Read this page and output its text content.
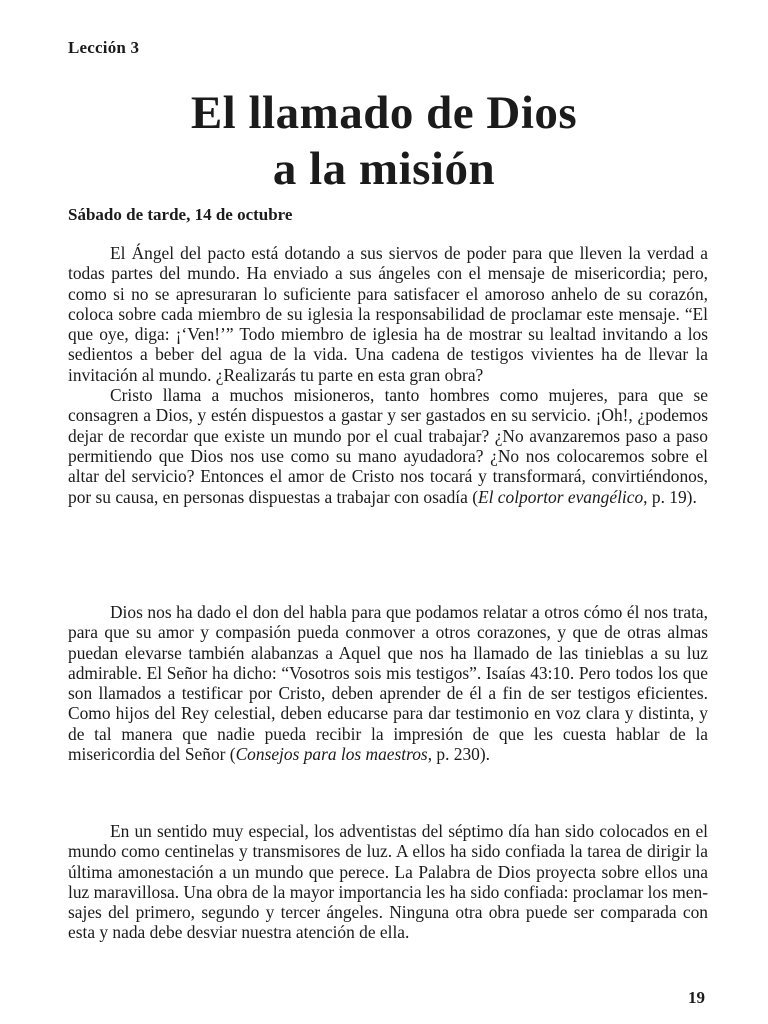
Lección 3
El llamado de Dios
a la misión
Sábado de tarde, 14 de octubre

El Ángel del pacto está dotando a sus siervos de poder para que lleven la verdad a todas partes del mundo. Ha enviado a sus ángeles con el mensaje de misericordia; pero, como si no se apresuraran lo suficiente para satisfacer el amoroso anhelo de su corazón, coloca sobre cada miembro de su iglesia la responsabilidad de proclamar este mensaje. “El que oye, diga: ¡‘Ven!’” Todo miembro de iglesia ha de mostrar su lealtad invitando a los sedientos a beber del agua de la vida. Una cadena de testigos vivientes ha de llevar la invitación al mundo. ¿Realizarás tu parte en esta gran obra?

Cristo llama a muchos misioneros, tanto hombres como mujeres, para que se consagren a Dios, y estén dispuestos a gastar y ser gastados en su servicio. ¡Oh!, ¿podemos dejar de recordar que existe un mundo por el cual trabajar? ¿No avanzaremos paso a paso permitiendo que Dios nos use como su mano ayudadora? ¿No nos colocaremos sobre el altar del servicio? Entonces el amor de Cristo nos tocará y transformará, convirtiéndonos, por su causa, en personas dispuestas a trabajar con osadía (El colportor evangélico, p. 19).

Dios nos ha dado el don del habla para que podamos relatar a otros cómo él nos trata, para que su amor y compasión pueda conmover a otros corazones, y que de otras almas puedan elevarse también alabanzas a Aquel que nos ha llamado de las tinieblas a su luz admirable. El Señor ha dicho: “Vosotros sois mis testigos”. Isaías 43:10. Pero todos los que son llamados a testificar por Cristo, deben aprender de él a fin de ser testigos eficientes. Como hijos del Rey celestial, deben educarse para dar testimonio en voz clara y distinta, y de tal manera que nadie pueda recibir la impresión de que les cuesta hablar de la misericordia del Señor (Consejos para los maestros, p. 230).

En un sentido muy especial, los adventistas del séptimo día han sido colocados en el mundo como centinelas y transmisores de luz. A ellos ha sido confiada la tarea de dirigir la última amonestación a un mundo que perece. La Palabra de Dios proyecta sobre ellos una luz maravillosa. Una obra de la mayor importancia les ha sido confiada: proclamar los mensajes del primero, segundo y tercer ángeles. Ninguna otra obra puede ser comparada con esta y nada debe desviar nuestra atención de ella.

19
